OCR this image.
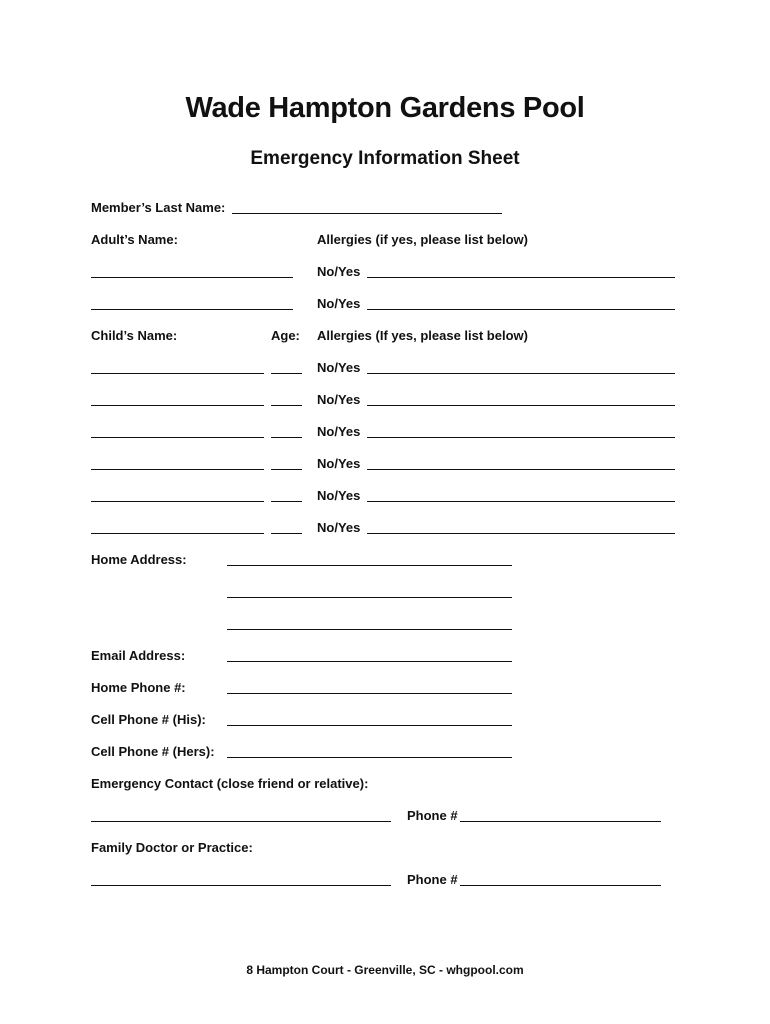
Wade Hampton Gardens Pool
Emergency Information Sheet
Member’s Last Name:
Adult’s Name:	Allergies (if yes, please list below)
No/Yes
No/Yes
Child’s Name:	Age: Allergies (If yes, please list below)
No/Yes
No/Yes
No/Yes
No/Yes
No/Yes
No/Yes
Home Address:
Email Address:
Home Phone #:
Cell Phone # (His):
Cell Phone # (Hers):
Emergency Contact (close friend or relative):
Phone #
Family Doctor or Practice:
Phone #
8 Hampton Court - Greenville, SC - whgpool.com
